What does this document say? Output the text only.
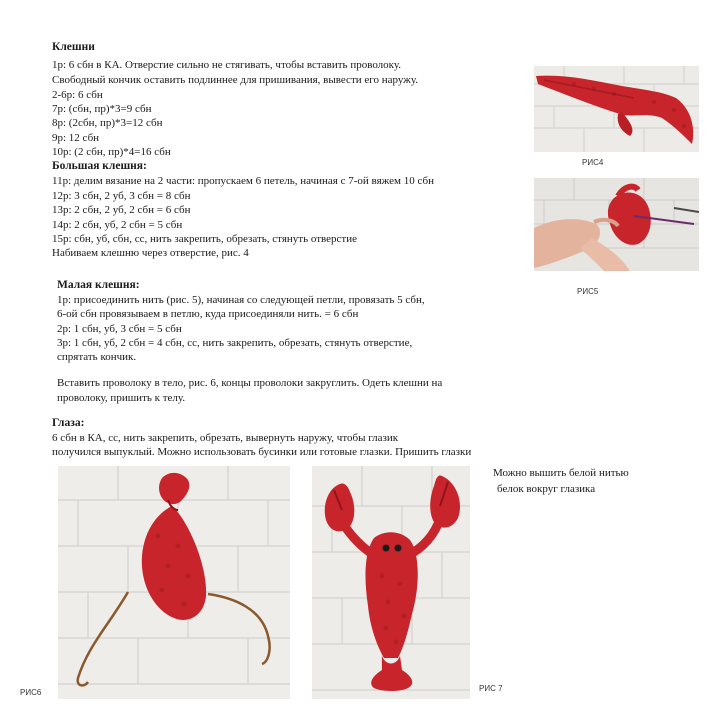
Клешни
1р: 6 сбн в КА. Отверстие сильно не стягивать, чтобы вставить проволоку.
Свободный кончик оставить подлиннее для пришивания, вывести его наружу.
2-6р: 6 сбн
7р: (сбн, пр)*3=9 сбн
8р: (2сбн, пр)*3=12 сбн
9р: 12 сбн
10р: (2 сбн, пр)*4=16 сбн
Большая клешня:
11р: делим вязание на 2 части: пропускаем 6 петель, начиная с 7-ой вяжем 10 сбн
12р: 3 сбн, 2 уб, 3 сбн = 8 сбн
13р: 2 сбн, 2 уб, 2 сбн = 6 сбн
14р: 2 сбн, уб, 2 сбн = 5 сбн
15р: сбн, уб, сбн, сс, нить закрепить, обрезать, стянуть отверстие
Набиваем клешню через отверстие, рис. 4
Малая клешня:
1р: присоединить нить (рис. 5), начиная со следующей петли, провязать 5 сбн,
6-ой сбн провязываем в петлю, куда присоединяли нить. = 6 сбн
2р: 1 сбн, уб, 3 сбн = 5 сбн
3р: 1 сбн, уб, 2 сбн = 4 сбн, сс, нить закрепить, обрезать, стянуть отверстие,
спрятать кончик.
Вставить проволоку в тело, рис. 6, концы проволоки закруглить. Одеть клешни на
проволоку, пришить к телу.
Глаза:
6 сбн в КА, сс, нить закрепить, обрезать, вывернуть наружу, чтобы глазик
получился выпуклый. Можно использовать бусинки или готовые глазки. Пришить глазки
Можно вышить белой нитью
белок вокруг глазика
РИС4
РИС5
РИС6	РИС 7
